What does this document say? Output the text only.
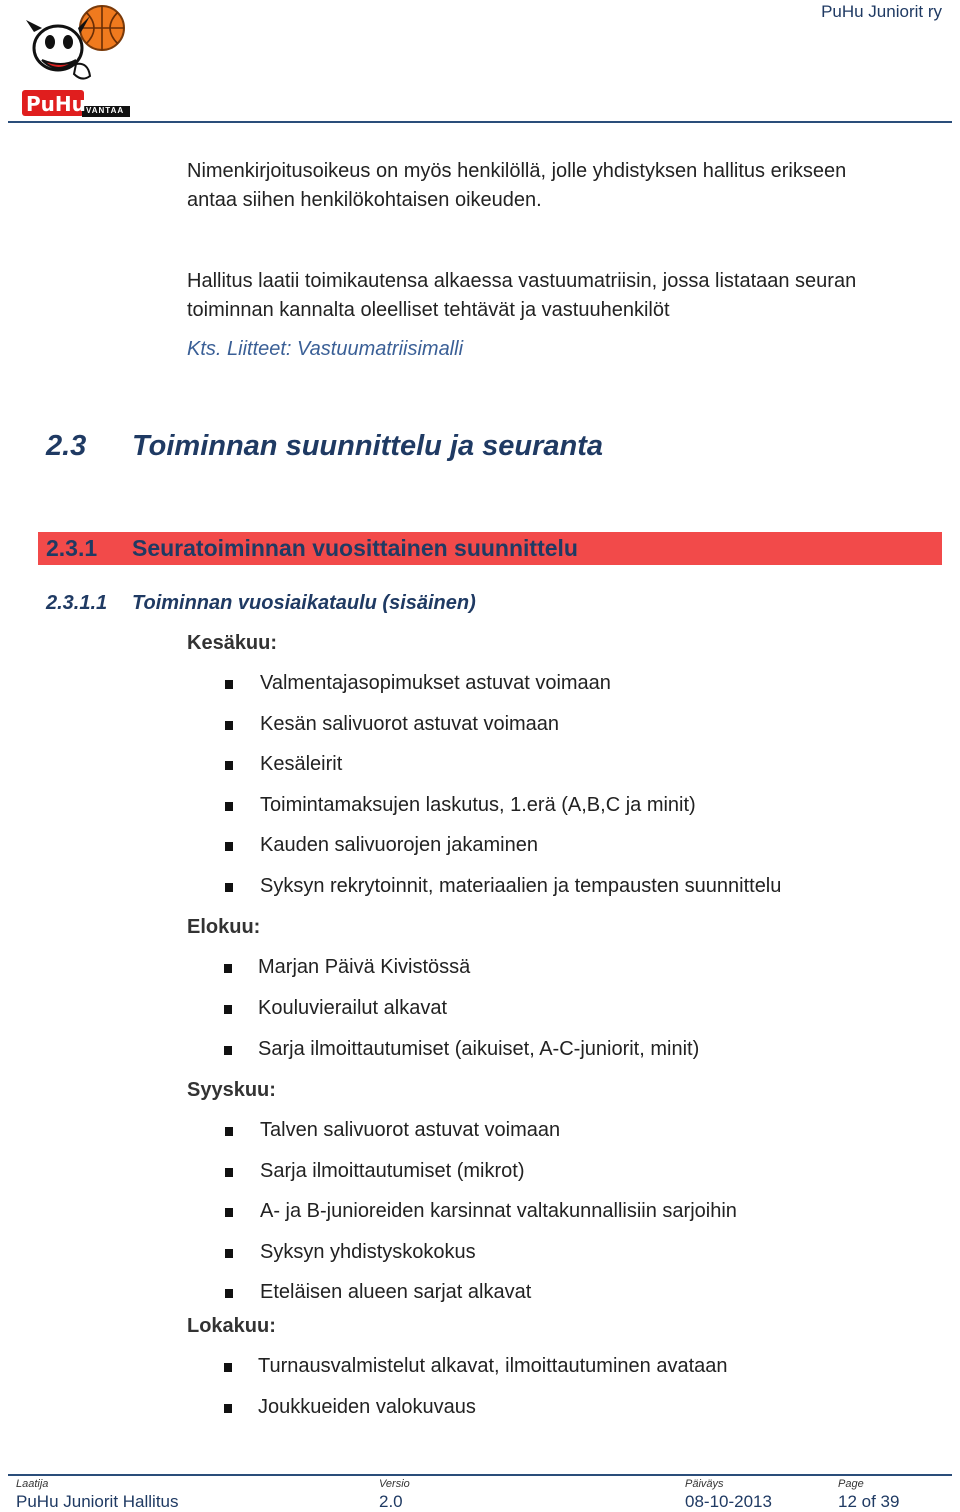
PuHu VANTAA
PuHu Juniorit ry
Nimenkirjoitusoikeus on myös henkilöllä, jolle yhdistyksen hallitus erikseen
antaa siihen henkilökohtaisen oikeuden.
Hallitus laatii toimikautensa alkaessa vastuumatriisin, jossa listataan seuran
toiminnan kannalta oleelliset tehtävät ja vastuuhenkilöt
Kts. Liitteet: Vastuumatriisimalli
2.3 Toiminnan suunnittelu ja seuranta
2.3.1 Seuratoiminnan vuosittainen suunnittelu
2.3.1.1 Toiminnan vuosiaikataulu (sisäinen)
Kesäkuu:
Valmentajasopimukset astuvat voimaan
Kesän salivuorot astuvat voimaan
Kesäleirit
Toimintamaksujen laskutus, 1.erä (A,B,C ja minit)
Kauden salivuorojen jakaminen
Syksyn rekrytoinnit, materiaalien ja tempausten suunnittelu
Elokuu:
Marjan Päivä Kivistössä
Kouluvierailut alkavat
Sarja ilmoittautumiset (aikuiset, A-C-juniorit, minit)
Syyskuu:
Talven salivuorot astuvat voimaan
Sarja ilmoittautumiset (mikrot)
A- ja B-junioreiden karsinnat valtakunnallisiin sarjoihin
Syksyn yhdistyskokokus
Eteläisen alueen sarjat alkavat
Lokakuu:
Turnausvalmistelut alkavat, ilmoittautuminen avataan
Joukkueiden valokuvaus
Laatija
PuHu Juniorit Hallitus
Versio
2.0
Päiväys
08-10-2013
Page
12 of 39
